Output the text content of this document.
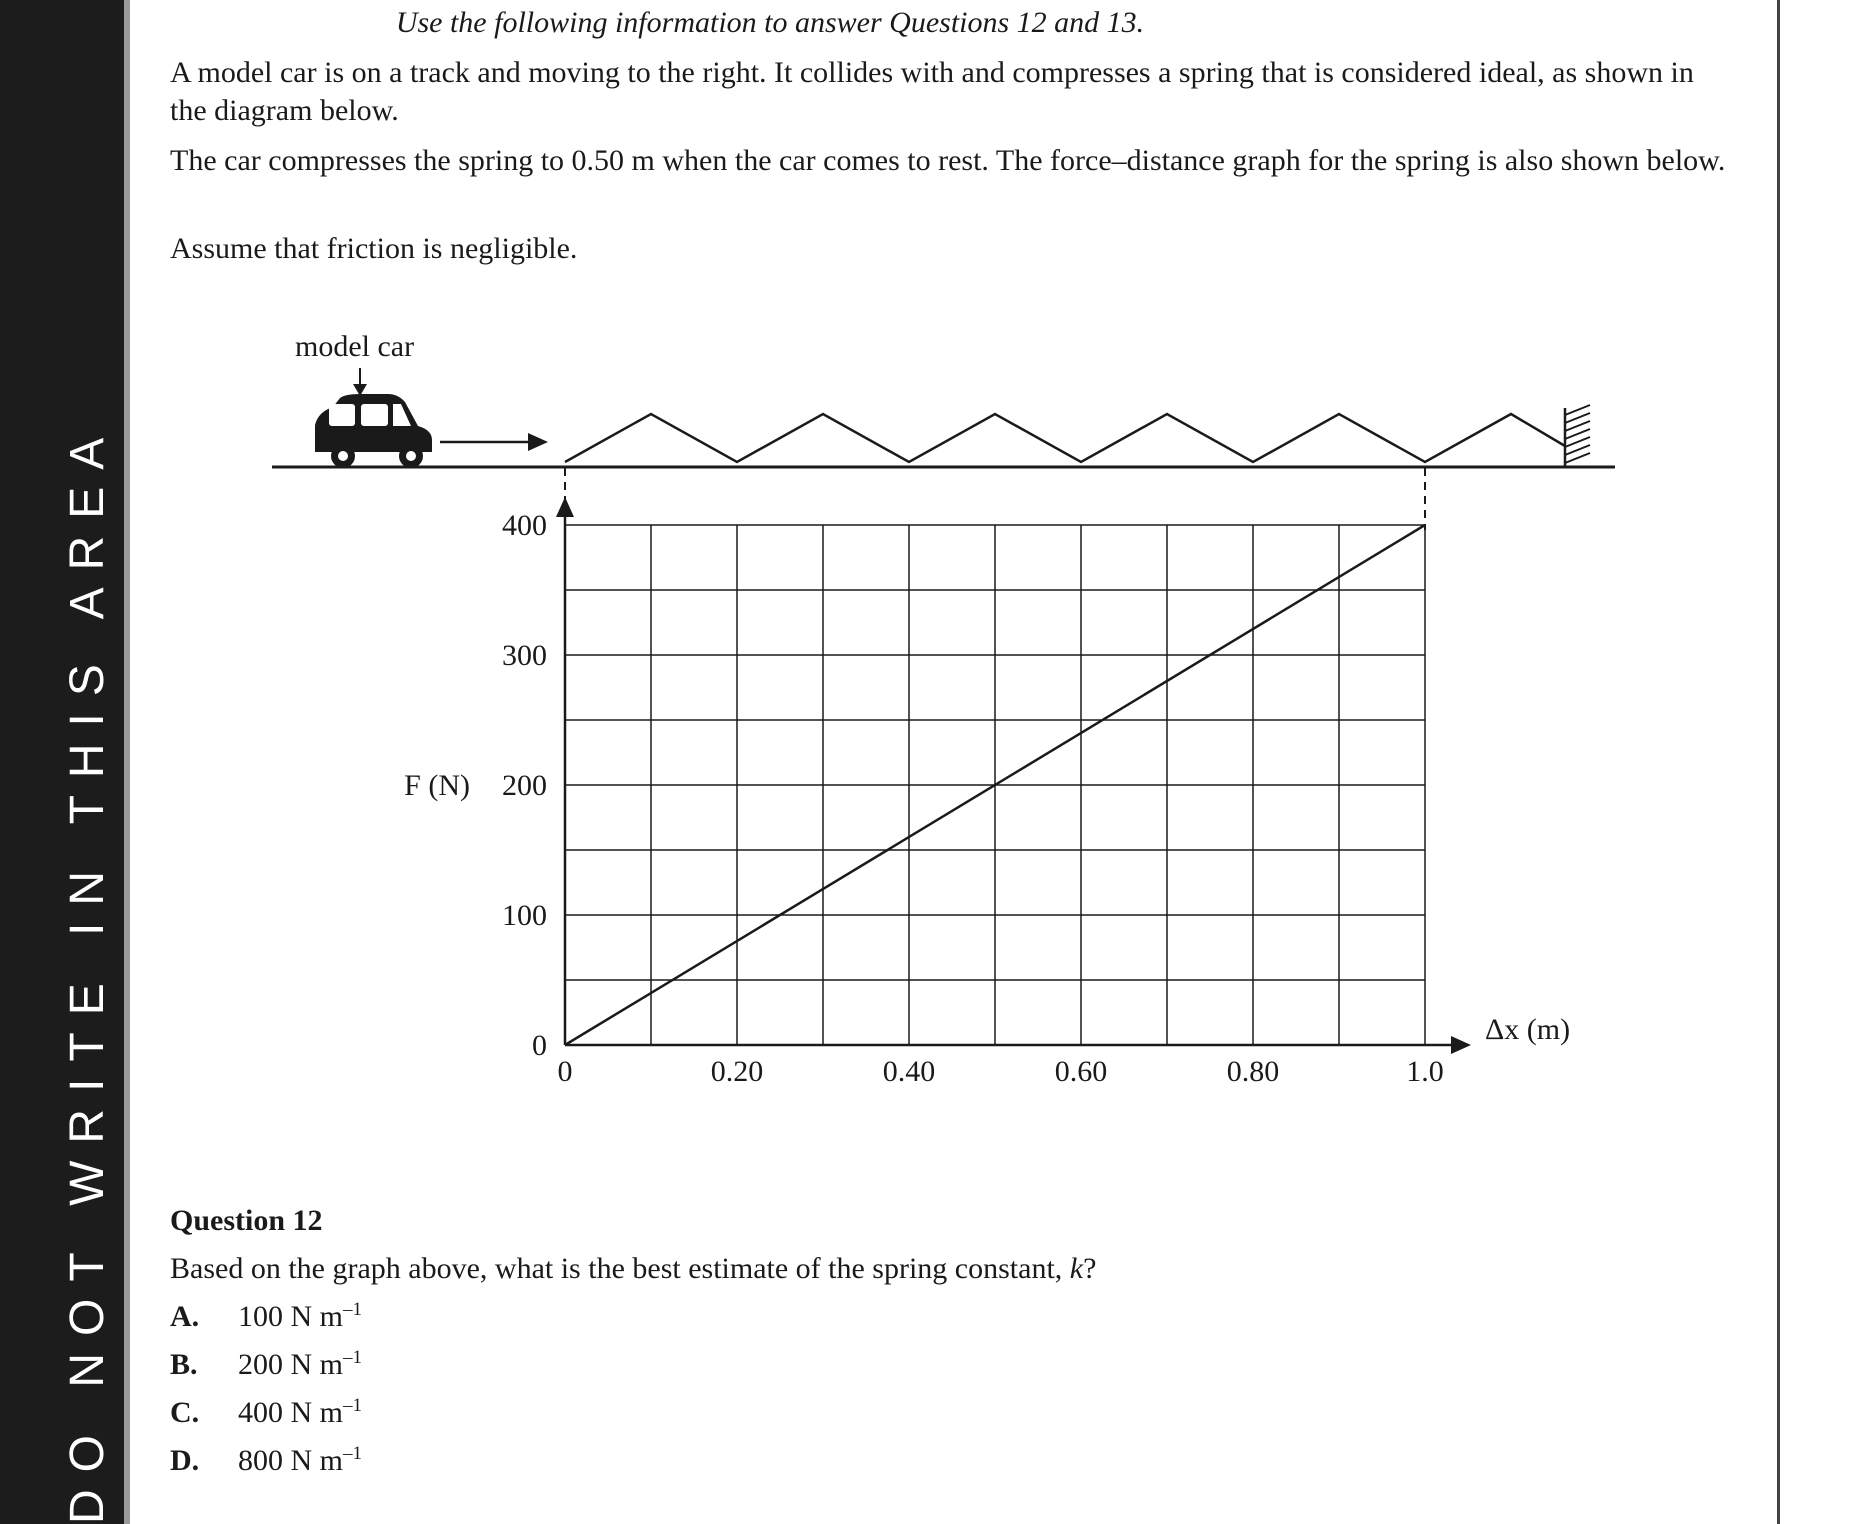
DO NOT WRITE IN THIS AREA

Use the following information to answer Questions 12 and 13.

A model car is on a track and moving to the right. It collides with and compresses a spring that is considered ideal, as shown in the diagram below.

The car compresses the spring to 0.50 m when the car comes to rest. The force–distance graph for the spring is also shown below.

Assume that friction is negligible.

model car
0	0.20	0.40	0.60	0.80	1.0
0
100
200
300
400
F (N)
Δx (m)

Question 12

Based on the graph above, what is the best estimate of the spring constant, k?

A. 100 N $m^{-1}$
B. 200 N $m^{-1}$
C. 400 N $m^{-1}$
D. 800 N $m^{-1}$
